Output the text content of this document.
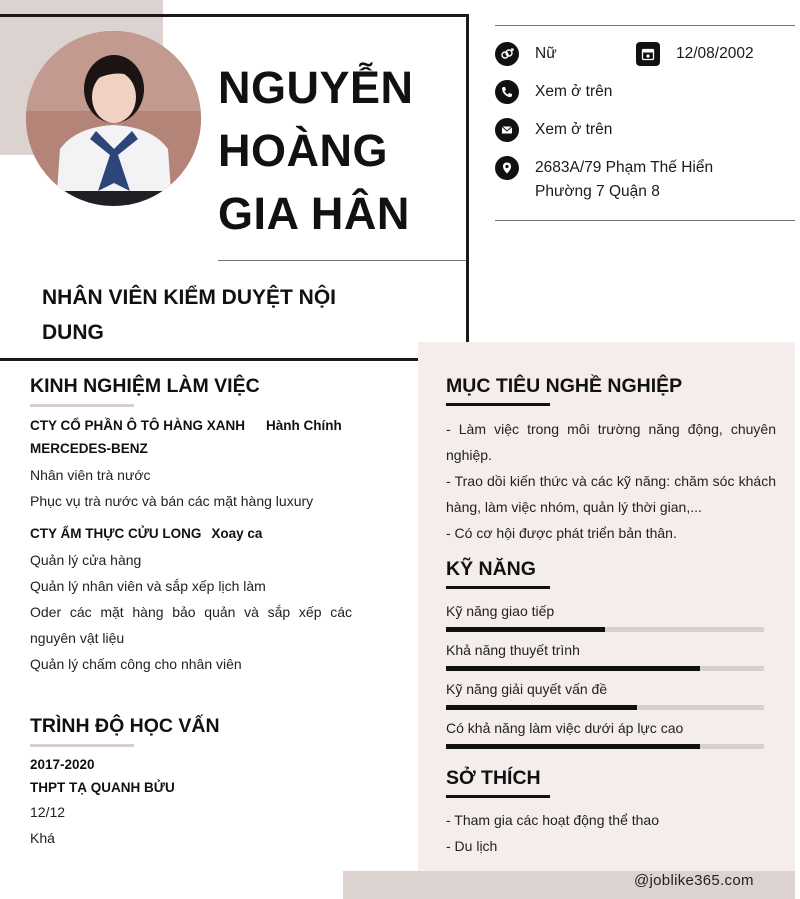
NGUYỄN
HOÀNG
GIA HÂN
NHÂN VIÊN KIỂM DUYỆT NỘI DUNG
Nữ	12/08/2002
Xem ở trên
Xem ở trên
2683A/79 Phạm Thế Hiển
Phường 7 Quận 8
@joblike365.com
KINH NGHIỆM LÀM VIỆC
CTY CỔ PHẦN Ô TÔ HÀNG XANH	Hành Chính
MERCEDES-BENZ
Nhân viên trà nước
Phục vụ trà nước và bán các mặt hàng luxury
CTY ẨM THỰC CỬU LONG Xoay ca
Quản lý cửa hàng
Quản lý nhân viên và sắp xếp lịch làm
Oder các mặt hàng bảo quản và sắp xếp các nguyên vật liệu
Quản lý chấm công cho nhân viên
TRÌNH ĐỘ HỌC VẤN
2017-2020
THPT TẠ QUANH BỬU
12/12
Khá
MỤC TIÊU NGHỀ NGHIỆP
- Làm việc trong môi trường năng động, chuyên nghiệp.
- Trao dồi kiến thức và các kỹ năng: chăm sóc khách hàng, làm việc nhóm, quản lý thời gian,...
- Có cơ hội được phát triển bản thân.
KỸ NĂNG
Kỹ năng giao tiếp
Khả năng thuyết trình
Kỹ năng giải quyết vấn đề
Có khả năng làm việc dưới áp lực cao
SỞ THÍCH
- Tham gia các hoạt động thể thao
- Du lịch
